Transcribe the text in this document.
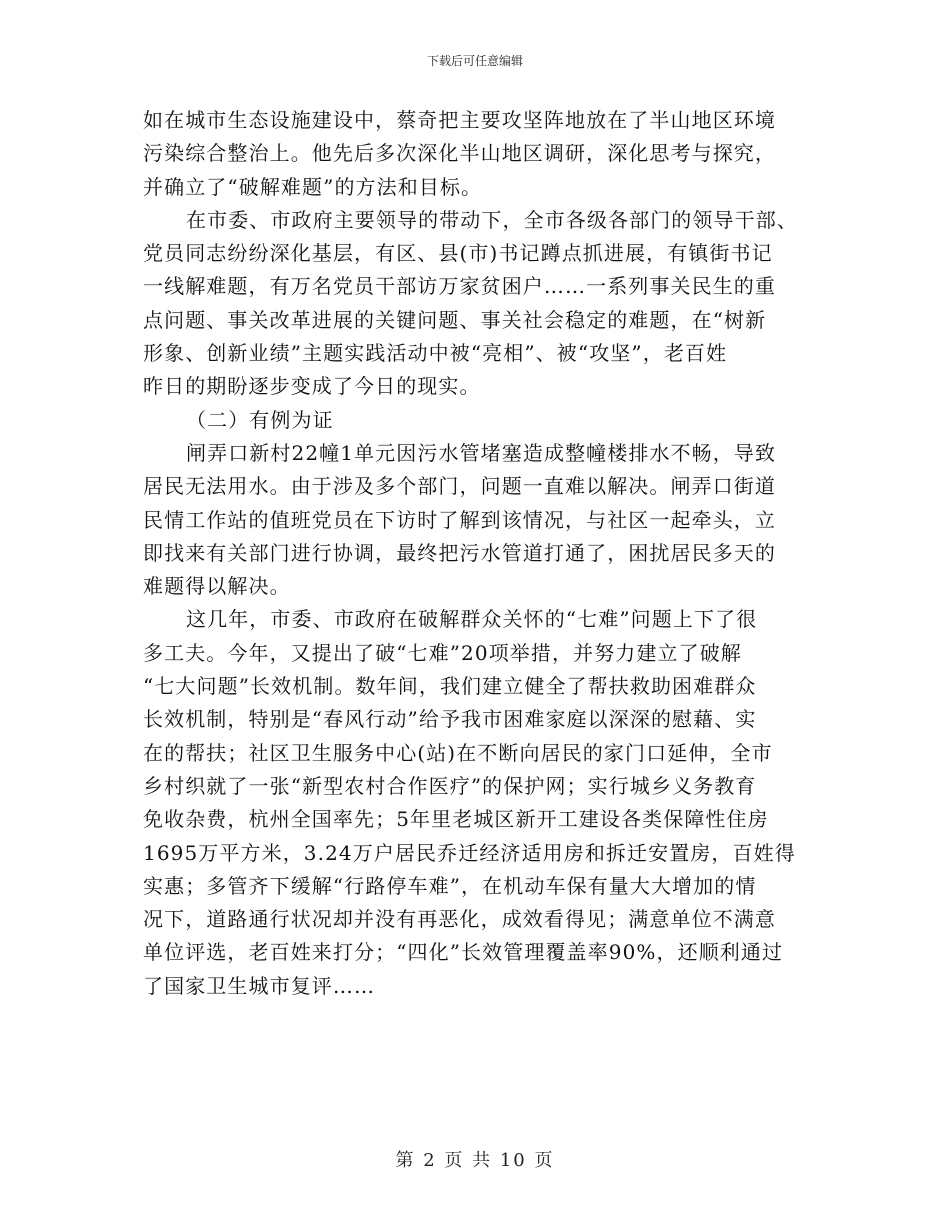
下载后可任意编辑
如在城市生态设施建设中，蔡奇把主要攻坚阵地放在了半山地区环境
污染综合整治上。他先后多次深化半山地区调研，深化思考与探究，
并确立了“破解难题”的方法和目标。
在市委、市政府主要领导的带动下，全市各级各部门的领导干部、
党员同志纷纷深化基层，有区、县(市)书记蹲点抓进展，有镇街书记
一线解难题，有万名党员干部访万家贫困户……一系列事关民生的重
点问题、事关改革进展的关键问题、事关社会稳定的难题，在“树新
形象、创新业绩”主题实践活动中被“亮相”、被“攻坚”，老百姓
昨日的期盼逐步变成了今日的现实。
（二）有例为证
闸弄口新村22幢1单元因污水管堵塞造成整幢楼排水不畅，导致
居民无法用水。由于涉及多个部门，问题一直难以解决。闸弄口街道
民情工作站的值班党员在下访时了解到该情况，与社区一起牵头，立
即找来有关部门进行协调，最终把污水管道打通了，困扰居民多天的
难题得以解决。
这几年，市委、市政府在破解群众关怀的“七难”问题上下了很
多工夫。今年，又提出了破“七难”20项举措，并努力建立了破解
“七大问题”长效机制。数年间，我们建立健全了帮扶救助困难群众
长效机制，特别是“春风行动”给予我市困难家庭以深深的慰藉、实
在的帮扶；社区卫生服务中心(站)在不断向居民的家门口延伸，全市
乡村织就了一张“新型农村合作医疗”的保护网；实行城乡义务教育
免收杂费，杭州全国率先；5年里老城区新开工建设各类保障性住房
1695万平方米，3.24万户居民乔迁经济适用房和拆迁安置房，百姓得
实惠；多管齐下缓解“行路停车难”，在机动车保有量大大增加的情
况下，道路通行状况却并没有再恶化，成效看得见；满意单位不满意
单位评选，老百姓来打分；“四化”长效管理覆盖率90%，还顺利通过
了国家卫生城市复评……
第 2 页 共 10 页
